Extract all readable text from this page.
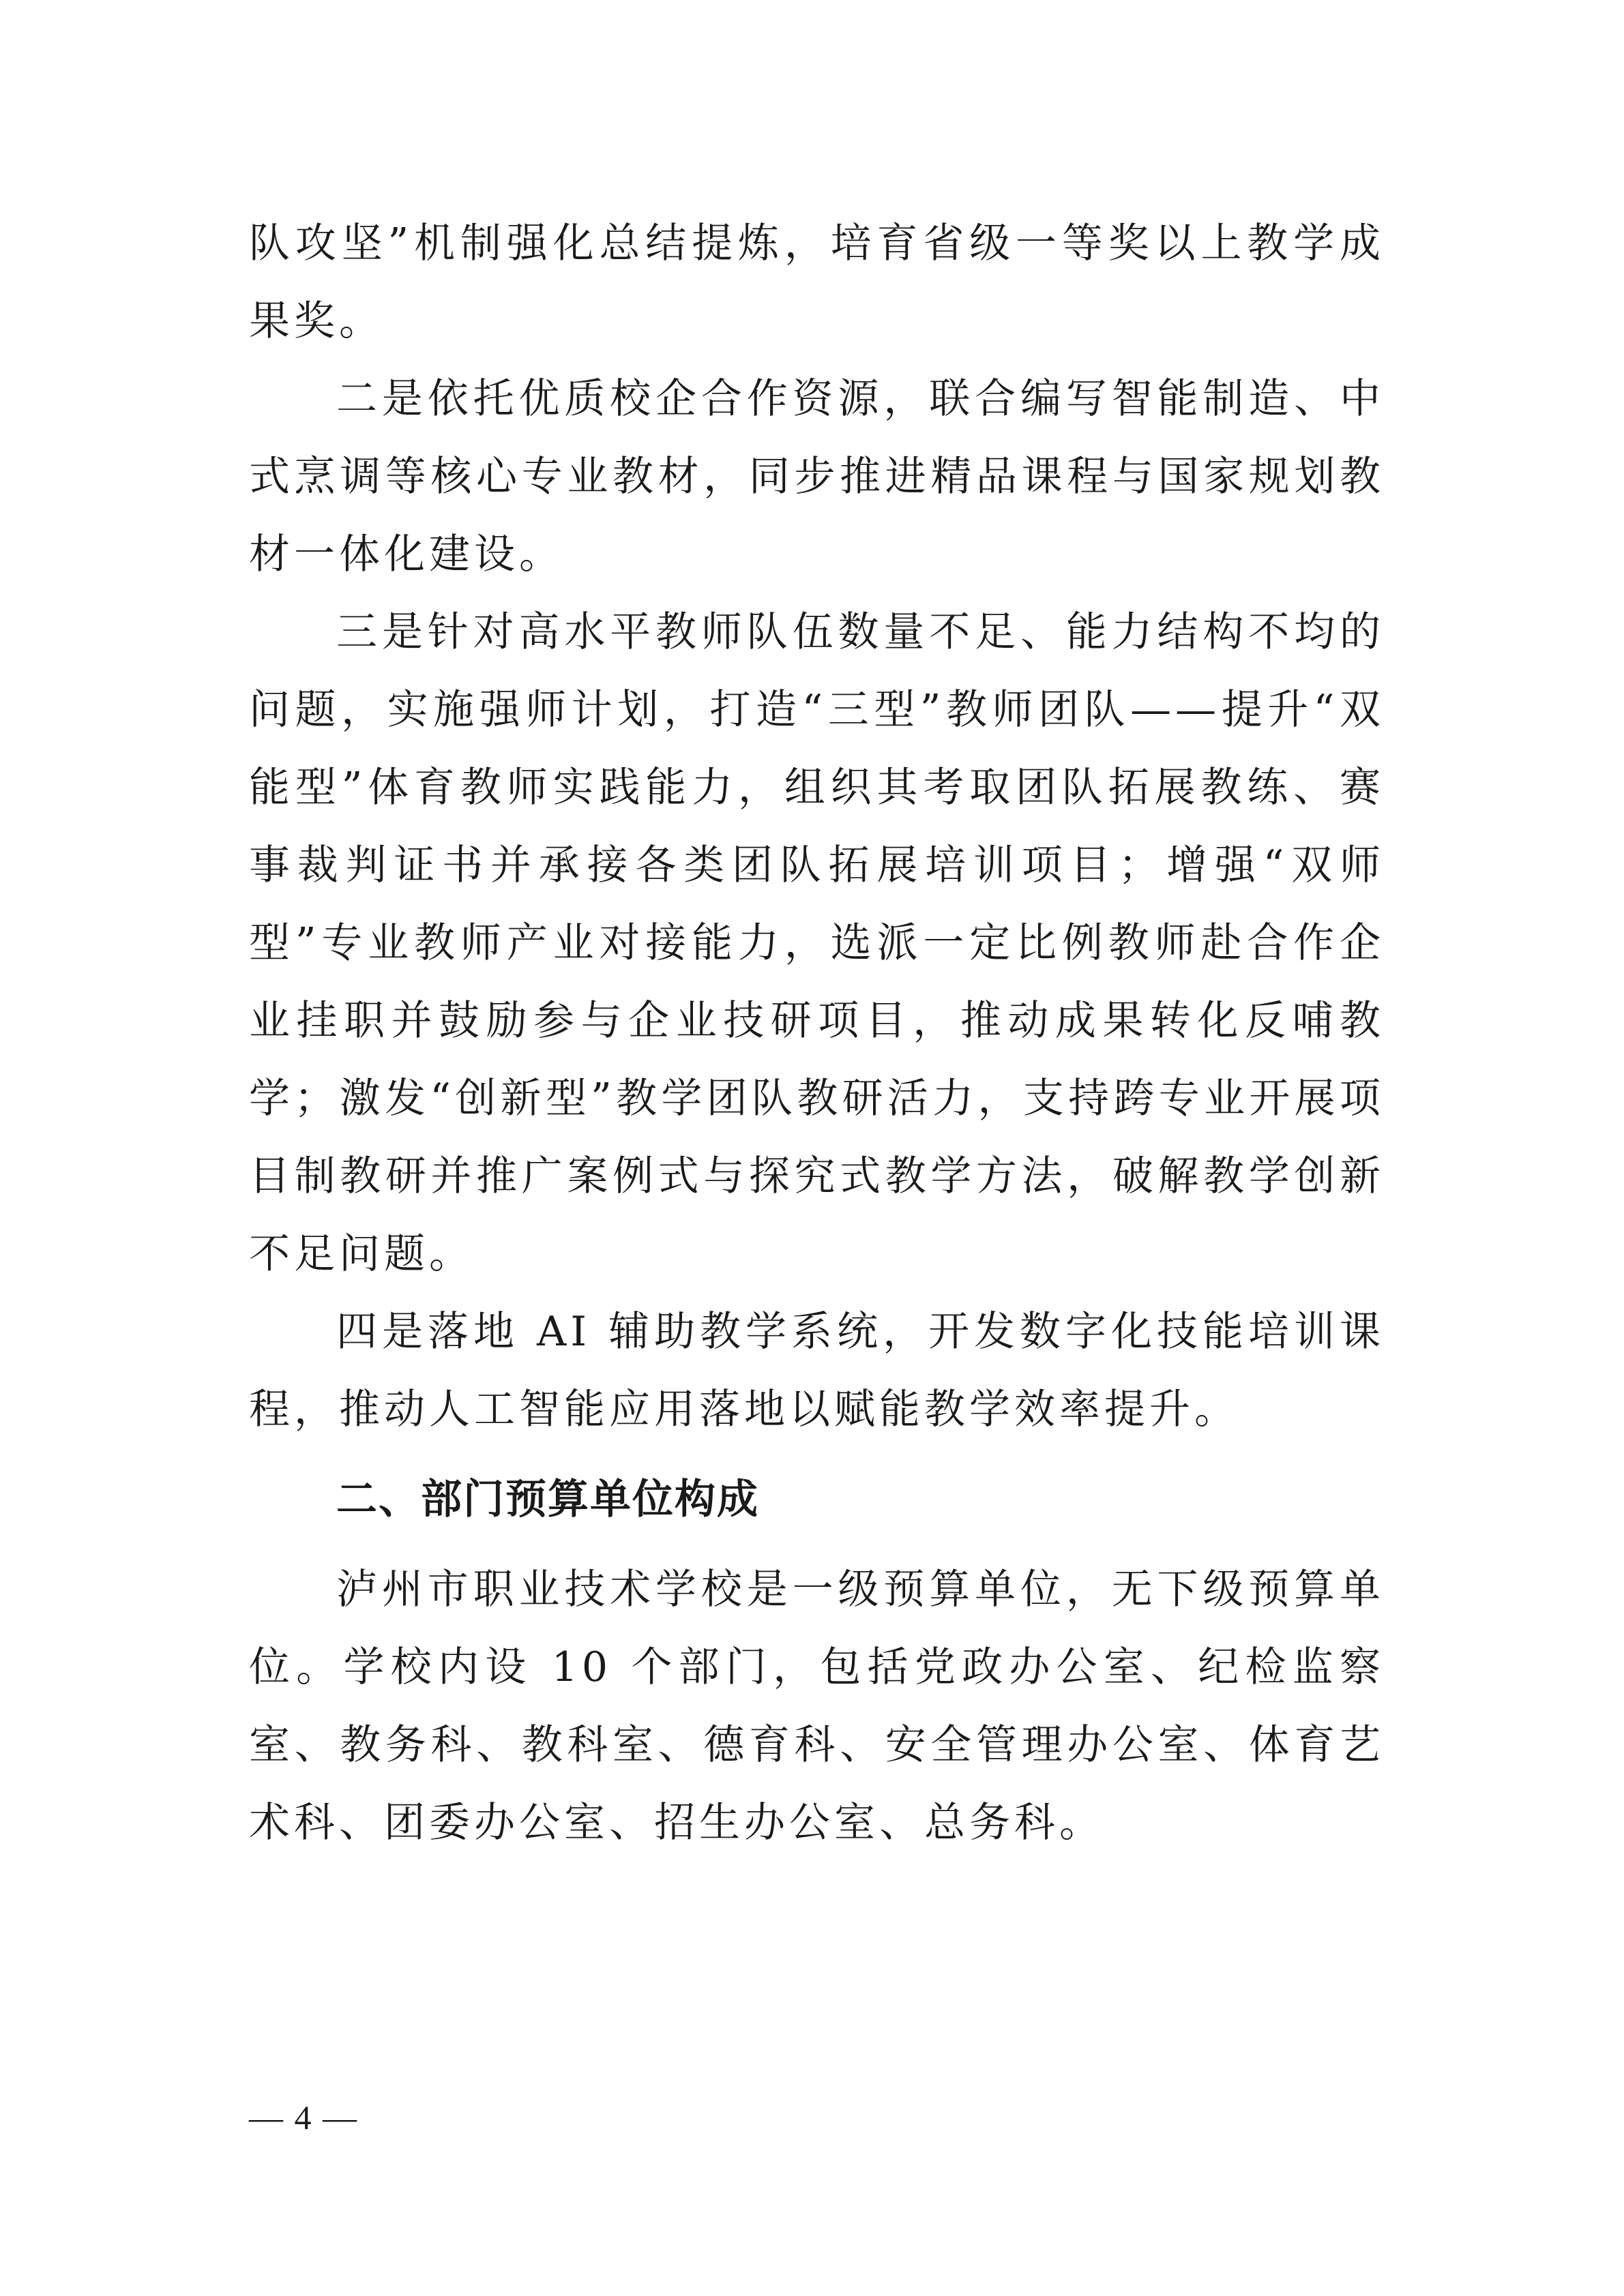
队攻坚”机制强化总结提炼，培育省级一等奖以上教学成果奖。

二是依托优质校企合作资源，联合编写智能制造、中式烹调等核心专业教材，同步推进精品课程与国家规划教材一体化建设。

三是针对高水平教师队伍数量不足、能力结构不均的问题，实施强师计划，打造“三型”教师团队——提升“双能型”体育教师实践能力，组织其考取团队拓展教练、赛事裁判证书并承接各类团队拓展培训项目；增强“双师型”专业教师产业对接能力，选派一定比例教师赴合作企业挂职并鼓励参与企业技研项目，推动成果转化反哺教学；激发“创新型”教学团队教研活力，支持跨专业开展项目制教研并推广案例式与探究式教学方法，破解教学创新不足问题。

四是落地 AI 辅助教学系统，开发数字化技能培训课程，推动人工智能应用落地以赋能教学效率提升。

二、部门预算单位构成

泸州市职业技术学校是一级预算单位，无下级预算单位。学校内设 10 个部门，包括党政办公室、纪检监察室、教务科、教科室、德育科、安全管理办公室、体育艺术科、团委办公室、招生办公室、总务科。

— 4 —
